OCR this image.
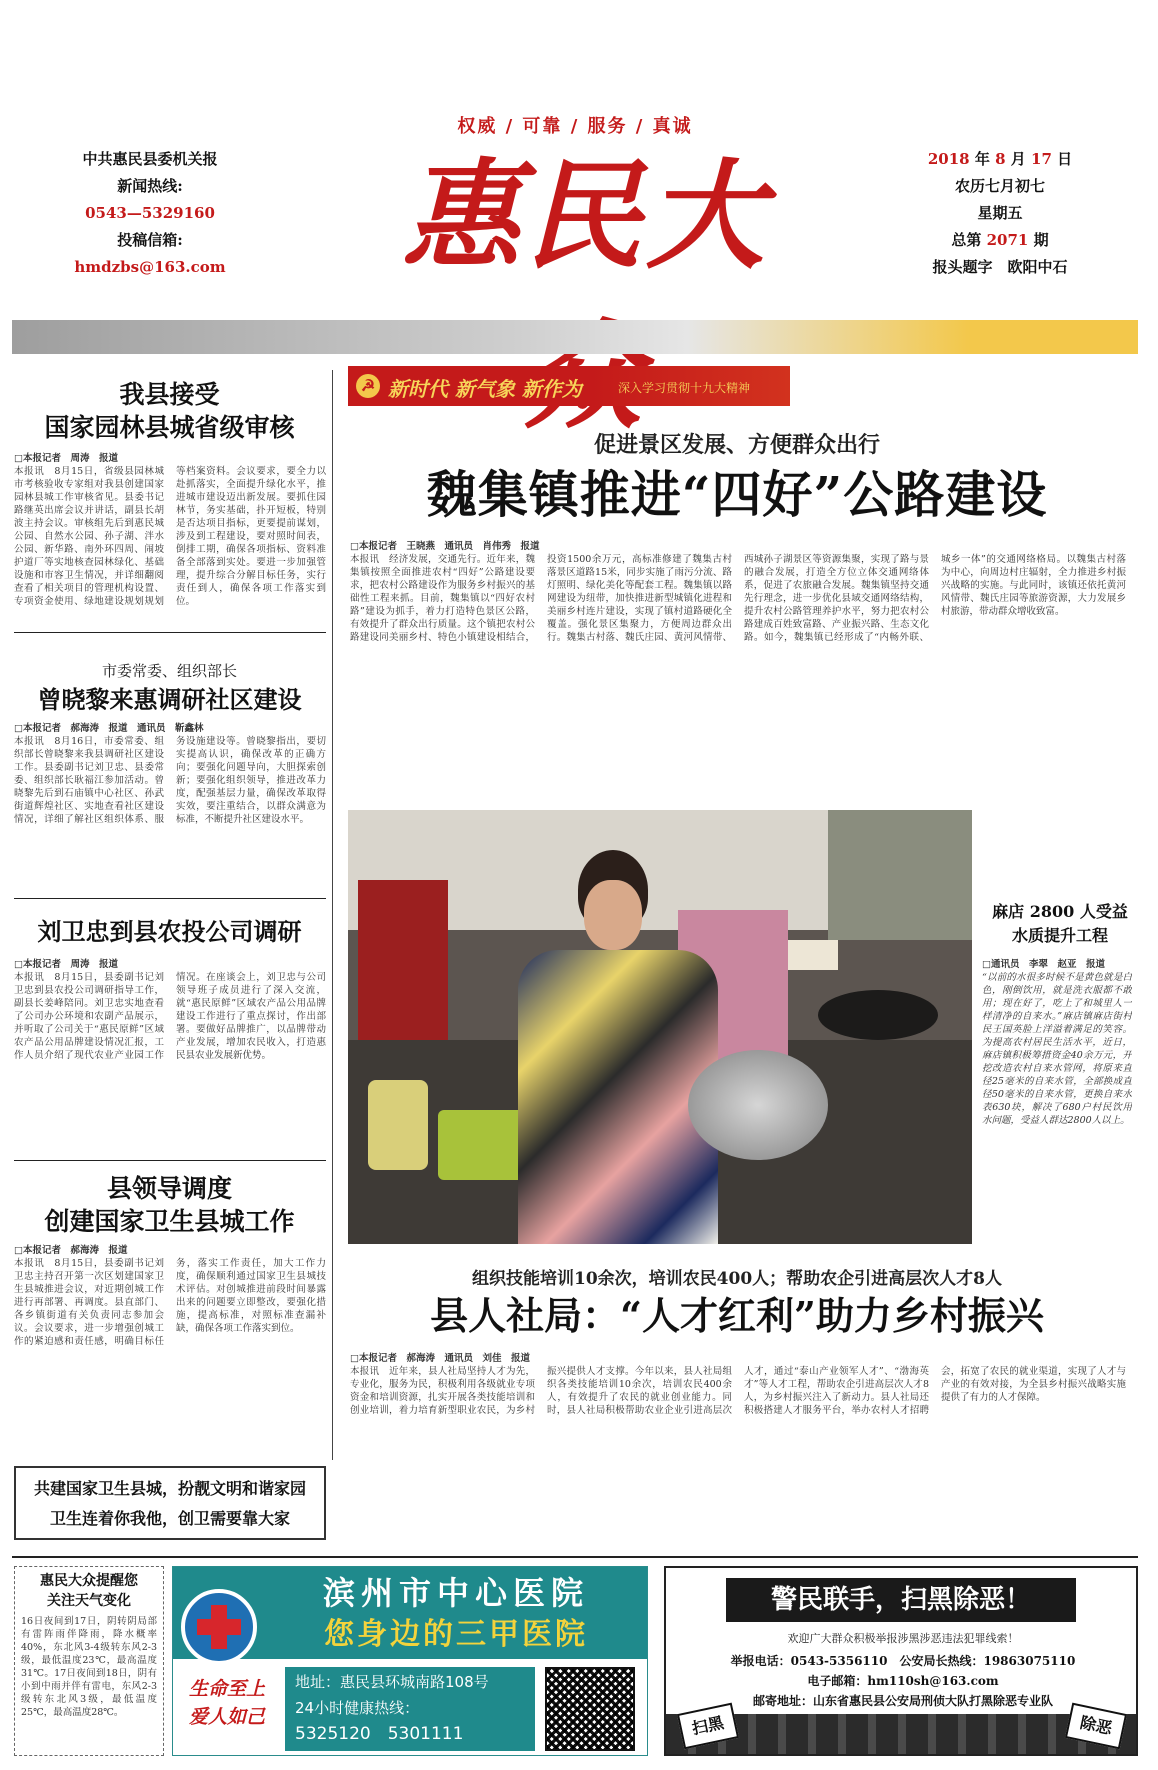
权威 / 可靠 / 服务 / 真诚
惠民大
中共惠民县委机关报
新闻热线:
0543—5329160
投稿信箱:
hmdzbs@163.com
2018 年 8 月 17 日
农历七月初七
星期五
总第 2071 期
报头题字　欧阳中石
我县接受
国家园林县城省级审核
□本报记者　周涛　报道
本报讯　8月15日，省级县园林城市考核验收专家组对我县创建国家园林县城工作审核省见。县委书记路继英出席会议并讲话，副县长胡波主持会议。审核组先后到惠民城公园、自然水公园、孙子湖、泮水公园、新华路、南外环四周、闹坡护道厂等实地核查园林绿化、基础设施和市容卫生情况，并详细翻阅查看了相关项目的管理机构设置、专项资金使用、绿地建设规划规划等档案资料。会议要求，要全力以赴抓落实，全面提升绿化水平，推进城市建设迈出新发展。要抓住园林节，务实基础，扑开短板，特别是否达项目指标，更要提前谋划，涉及到工程建设，要对照时间表，倒排工期，确保各项指标、资料准备全部落到实处。要进一步加强管理，提升综合分解目标任务，实行责任到人，确保各项工作落实到位。
市委常委、组织部长
曾晓黎来惠调研社区建设
□本报记者　郝海涛　报道　通讯员　靳鑫林
本报讯　8月16日，市委常委、组织部长曾晓黎来我县调研社区建设工作。县委副书记刘卫忠、县委常委、组织部长耿福江参加活动。曾晓黎先后到石庙镇中心社区、孙武街道辉煌社区、实地查看社区建设情况，详细了解社区组织体系、服务设施建设等。曾晓黎指出，要切实提高认识，确保改革的正确方向；要强化问题导向，大胆探索创新；要强化组织领导，推进改革力度，配强基层力量，确保改革取得实效，要注重结合，以群众满意为标准，不断提升社区建设水平。
刘卫忠到县农投公司调研
□本报记者　周涛　报道
本报讯　8月15日，县委副书记刘卫忠到县农投公司调研指导工作，副县长姜峰陪同。刘卫忠实地查看了公司办公环境和农副产品展示，并听取了公司关于“惠民原鲜”区域农产品公用品牌建设情况汇报，工作人员介绍了现代农业产业园工作情况。在座谈会上，刘卫忠与公司领导班子成员进行了深入交流，就“惠民原鲜”区域农产品公用品牌建设工作进行了重点探讨，作出部署。要做好品牌推广，以品牌带动产业发展，增加农民收入，打造惠民县农业发展新优势。
县领导调度
创建国家卫生县城工作
□本报记者　郝海涛　报道
本报讯　8月15日，县委副书记刘卫忠主持召开第一次区划建国家卫生县城推进会议，对近期创城工作进行再部署、再调度。县直部门、各乡镇街道有关负责同志参加会议。会议要求，进一步增强创城工作的紧迫感和责任感，明确目标任务，落实工作责任，加大工作力度，确保顺利通过国家卫生县城技术评估。对创城推进前段时间暴露出来的问题要立即整改，要强化措施，提高标准，对照标准查漏补缺，确保各项工作落实到位。
共建国家卫生县城，扮靓文明和谐家园
卫生连着你我他，创卫需要靠大家
☭ 新时代 新气象 新作为	深入学习贯彻十九大精神
促进景区发展、方便群众出行
魏集镇推进“四好”公路建设
□本报记者　王晓燕　通讯员　肖伟秀　报道
本报讯　经济发展，交通先行。近年来，魏集镇按照全面推进农村“四好”公路建设要求，把农村公路建设作为服务乡村振兴的基础性工程来抓。目前，魏集镇以“四好农村路”建设为抓手，着力打造特色景区公路，有效提升了群众出行质量。这个镇把农村公路建设同美丽乡村、特色小镇建设相结合，投资1500余万元，高标准修建了魏集古村落景区道路15米，同步实施了雨污分流、路灯照明、绿化美化等配套工程。魏集镇以路网建设为纽带，加快推进新型城镇化进程和美丽乡村连片建设，实现了镇村道路硬化全覆盖。强化景区集聚力，方便周边群众出行。魏集古村落、魏氏庄园、黄河风情带、西城孙子湖景区等资源集聚，实现了路与景的融合发展，打造全方位立体交通网络体系，促进了农旅融合发展。魏集镇坚持交通先行理念，进一步优化县域交通网络结构，提升农村公路管理养护水平，努力把农村公路建成百姓致富路、产业振兴路、生态文化路。如今，魏集镇已经形成了“内畅外联、城乡一体”的交通网络格局。以魏集古村落为中心，向周边村庄辐射，全力推进乡村振兴战略的实施。与此同时，该镇还依托黄河风情带、魏氏庄园等旅游资源，大力发展乡村旅游，带动群众增收致富。
麻店 2800 人受益
水质提升工程
□通讯员　李翠　赵亚　报道
“以前的水很多时候不是黄色就是白色，刚倒饮用，就是洗衣服都不敢用；现在好了，吃上了和城里人一样清净的自来水。”麻店镇麻店街村民王国英脸上洋溢着满足的笑容。为提高农村居民生活水平，近日，麻店镇积极筹措资金40余万元，开挖改造农村自来水管网，将原来直径25毫米的自来水管，全部换成直径50毫米的自来水管，更换自来水表630块，解决了680户村民饮用水问题，受益人群达2800人以上。
组织技能培训10余次，培训农民400人；帮助农企引进高层次人才8人
县人社局：“人才红利”助力乡村振兴
□本报记者　郝海涛　通讯员　刘佳　报道
本报讯　近年来，县人社局坚持人才为先，专业化，服务为民，积极利用各级就业专项资金和培训资源，扎实开展各类技能培训和创业培训，着力培育新型职业农民，为乡村振兴提供人才支撑。今年以来，县人社局组织各类技能培训10余次，培训农民400余人，有效提升了农民的就业创业能力。同时，县人社局积极帮助农业企业引进高层次人才，通过“泰山产业领军人才”、“渤海英才”等人才工程，帮助农企引进高层次人才8人，为乡村振兴注入了新动力。县人社局还积极搭建人才服务平台，举办农村人才招聘会，拓宽了农民的就业渠道，实现了人才与产业的有效对接，为全县乡村振兴战略实施提供了有力的人才保障。
惠民大众提醒您
关注天气变化
16日夜间到17日，阴转阴局部有雷阵雨伴降雨，降水概率40%，东北风3-4级转东风2-3级，最低温度23℃，最高温度31℃。17日夜间到18日，阴有小到中雨并伴有雷电，东风2-3级转东北风3级，最低温度25℃，最高温度28℃。
滨州市中心医院
您身边的三甲医院
生命至上
爱人如己
地址：惠民县环城南路108号
24小时健康热线：
5325120　5301111
警民联手，扫黑除恶！
欢迎广大群众积极举报涉黑涉恶违法犯罪线索！
举报电话：0543-5356110　公安局长热线：19863075110
电子邮箱：hm110sh@163.com
邮寄地址：山东省惠民县公安局刑侦大队打黑除恶专业队
扫黑	除恶
